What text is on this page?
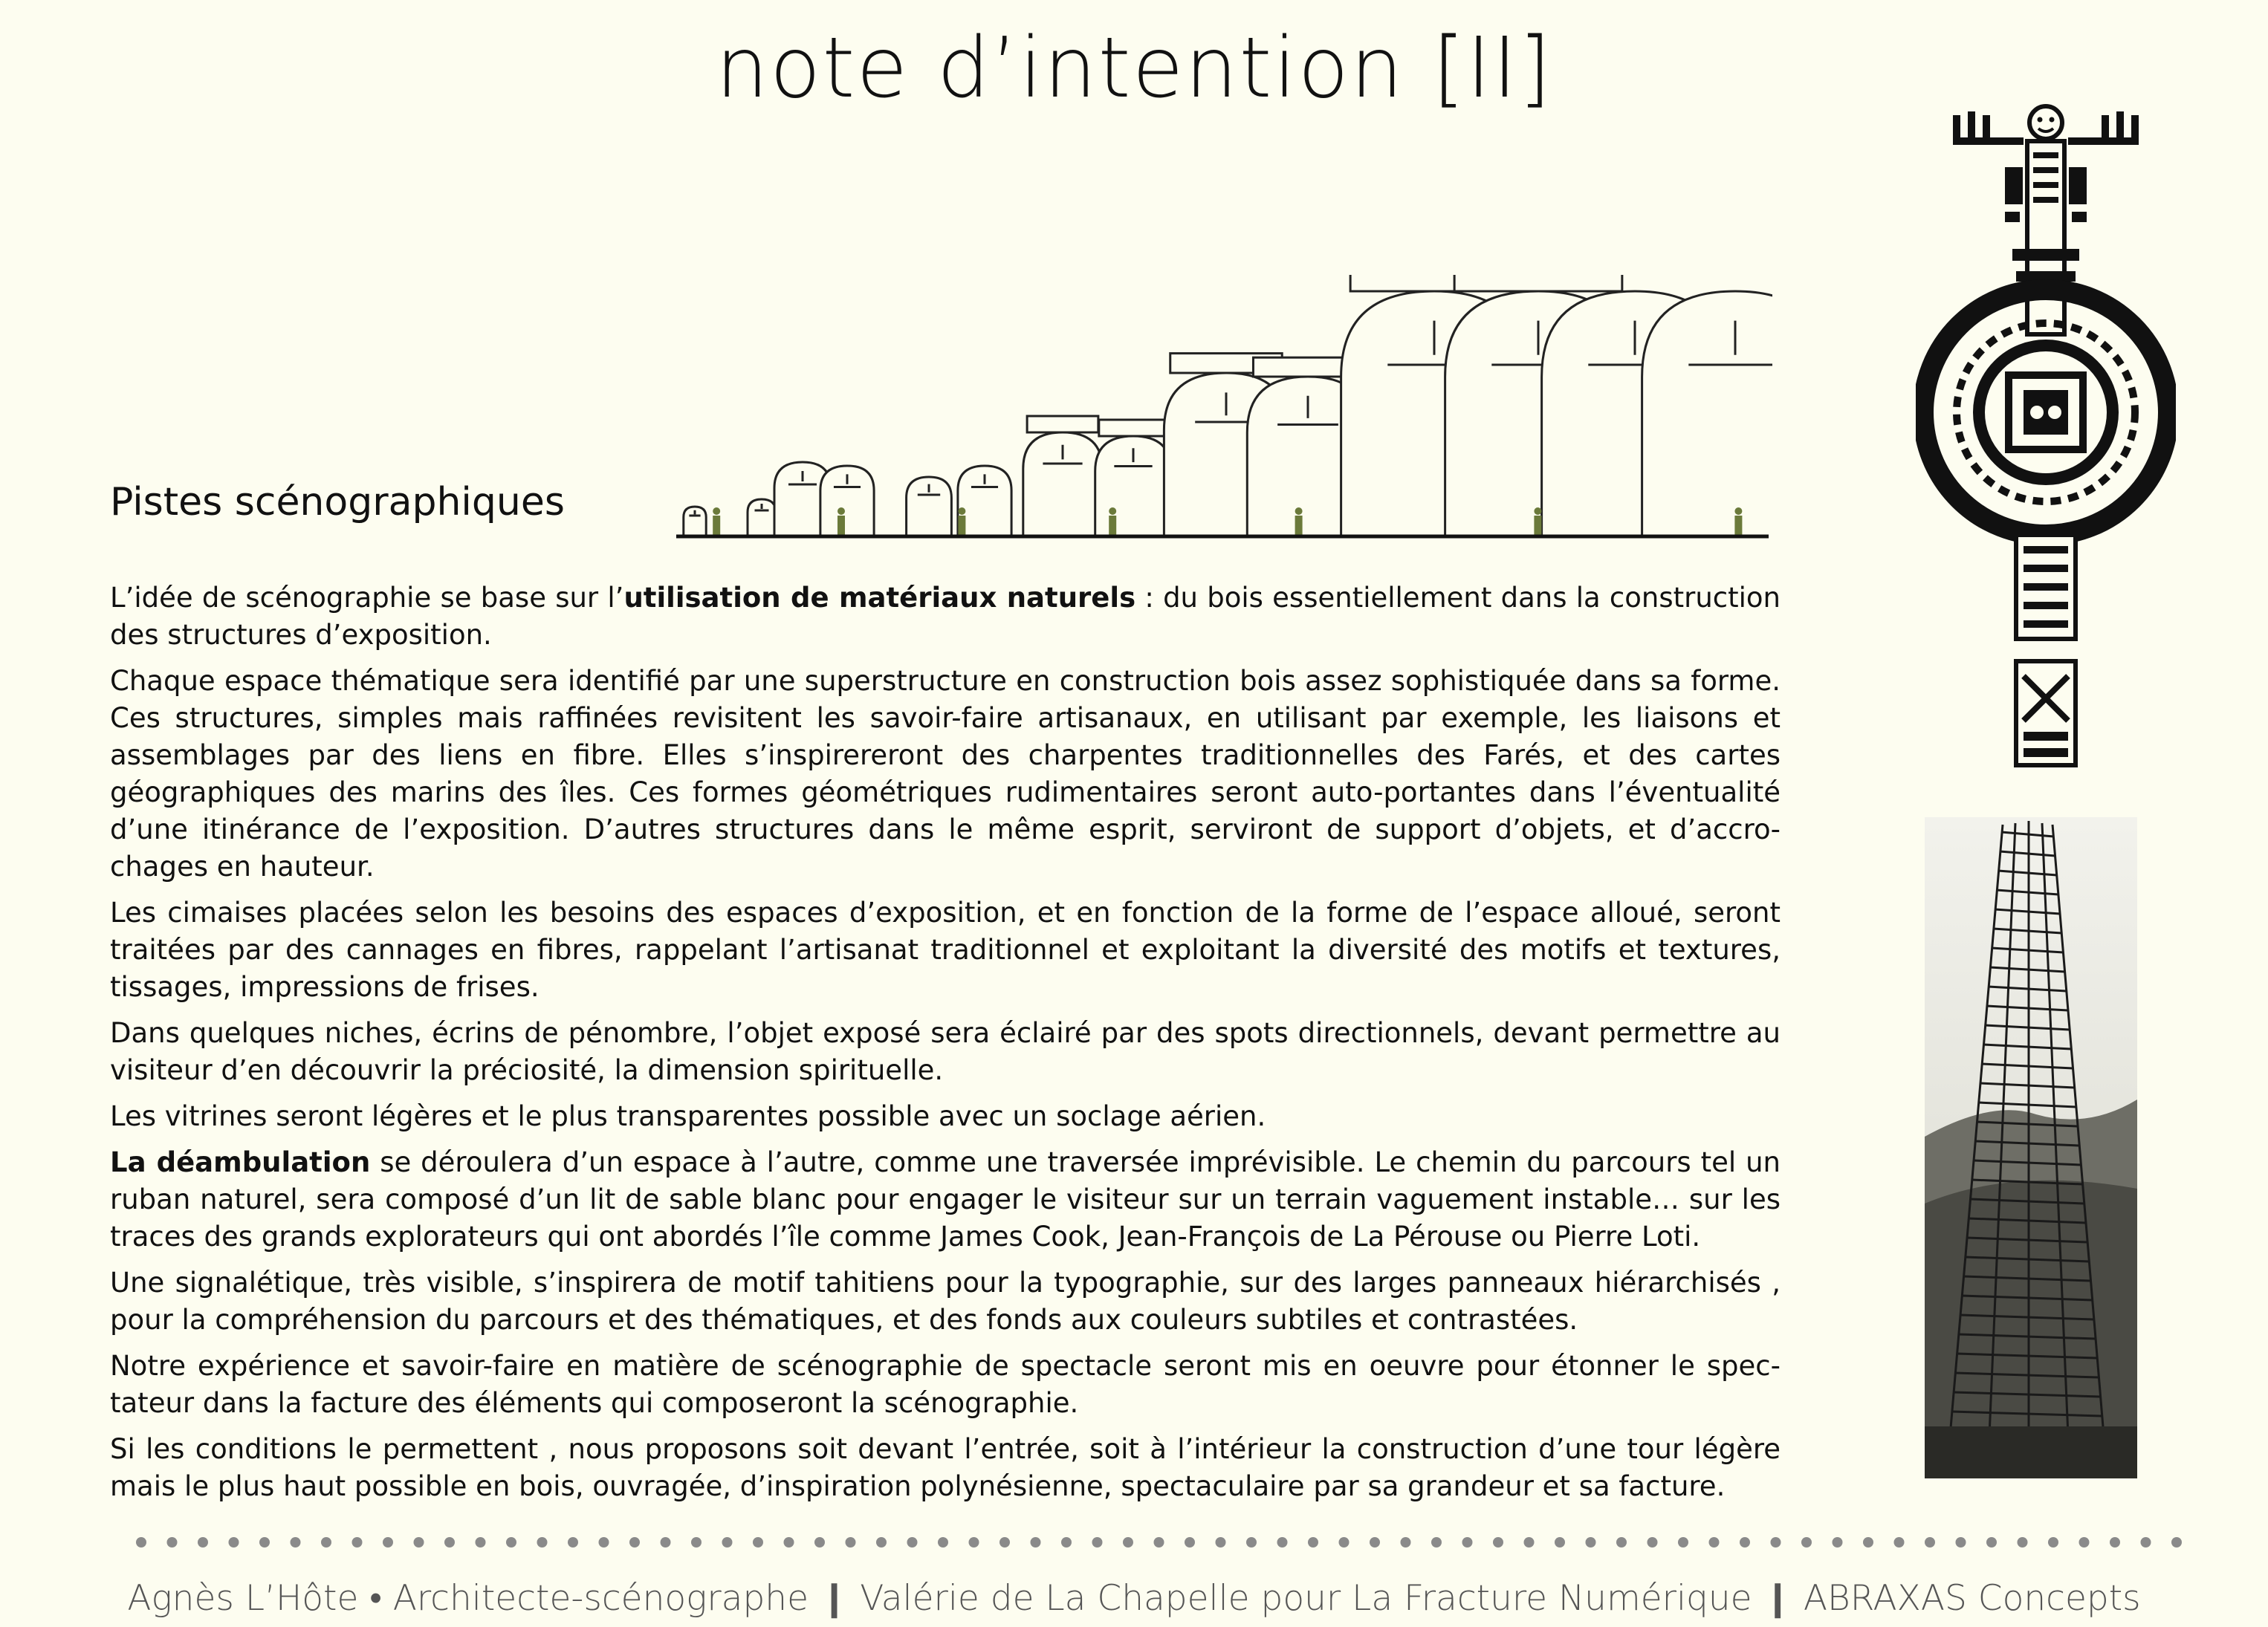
note d’intention [II]
Pistes scénographiques

L’idée de scénographie se base sur l’utilisation de matériaux naturels : du bois essentiellement dans la construction des structures d’exposition.

Chaque espace thématique sera identifié par une superstructure en construction bois assez sophistiquée dans sa forme. Ces structures, simples mais raffinées revisitent les savoir-faire artisanaux, en utilisant par exemple, les liaisons et assemblages par des liens en fibre. Elles s’inspirereront des charpentes traditionnelles des Farés, et des cartes géographiques des marins des îles. Ces formes géométriques rudimentaires seront auto-portantes dans l’éventualité d’une itinérance de l’exposition. D’autres structures dans le même esprit, serviront de support d’objets, et d’accrochages en hauteur.

Les cimaises placées selon les besoins des espaces d’exposition, et en fonction de la forme de l’espace alloué, seront traitées par des cannages en fibres, rappelant l’artisanat traditionnel et exploitant la diversité des motifs et textures, tissages, impressions de frises.

Dans quelques niches, écrins de pénombre, l’objet exposé sera éclairé par des spots directionnels, devant permettre au visiteur d’en découvrir la préciosité, la dimension spirituelle.

Les vitrines seront légères et le plus transparentes possible avec un soclage aérien.

La déambulation se déroulera d’un espace à l’autre, comme une traversée imprévisible. Le chemin du parcours tel un ruban naturel, sera composé d’un lit de sable blanc pour engager le visiteur sur un terrain vaguement instable… sur les traces des grands explorateurs qui ont abordés l’île comme James Cook, Jean-François de La Pérouse ou Pierre Loti.

Une signalétique, très visible, s’inspirera de motif tahitiens pour la typographie, sur des larges panneaux hiérarchisés , pour la compréhension du parcours et des thématiques, et des fonds aux couleurs subtiles et contrastées.

Notre expérience et savoir-faire en matière de scénographie de spectacle seront mis en oeuvre pour étonner le spectateur dans la facture des éléments qui composeront la scénographie.

Si les conditions le permettent , nous proposons soit devant l’entrée, soit à l’intérieur la construction d’une tour légère mais le plus haut possible en bois, ouvragée, d’inspiration polynésienne, spectaculaire par sa grandeur et sa facture.

Agnès L’Hôte • Architecte-scénographe ❙ Valérie de La Chapelle pour La Fracture Numérique ❙ ABRAXAS Concepts
